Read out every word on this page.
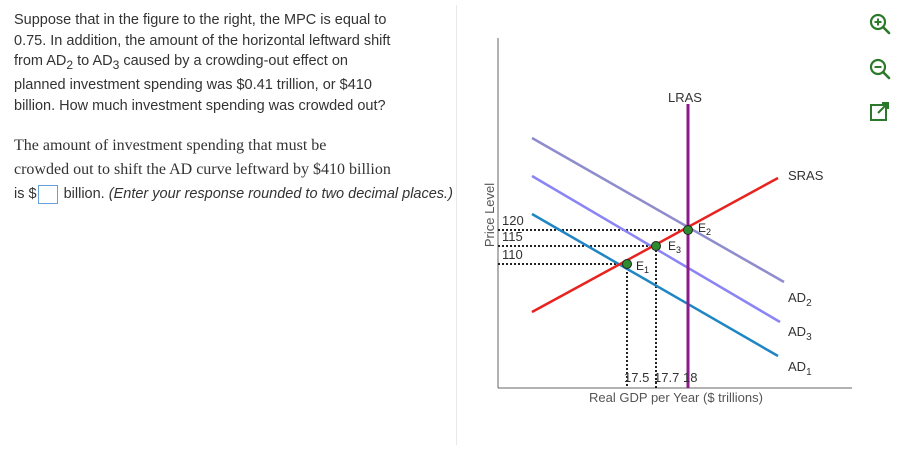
Suppose that in the figure to the right, the MPC is equal to
0.75. In addition, the amount of the horizontal leftward shift
from $AD_2$ to $AD_3$ caused by a crowding-out effect on
planned investment spending was $0.41 trillion, or $410
billion. How much investment spending was crowded out?
The amount of investment spending that must be
crowded out to shift the AD curve leftward by $410 billion
is $ billion. (Enter your response rounded to two decimal places.) Price Level
Real GDP per Year ($ trillions)
120
115
110
17.5 17.7 18
$E_2$
$E_3$
$E_1$
LRAS
SRAS
$AD_2$
$AD_3$
$AD_1$
